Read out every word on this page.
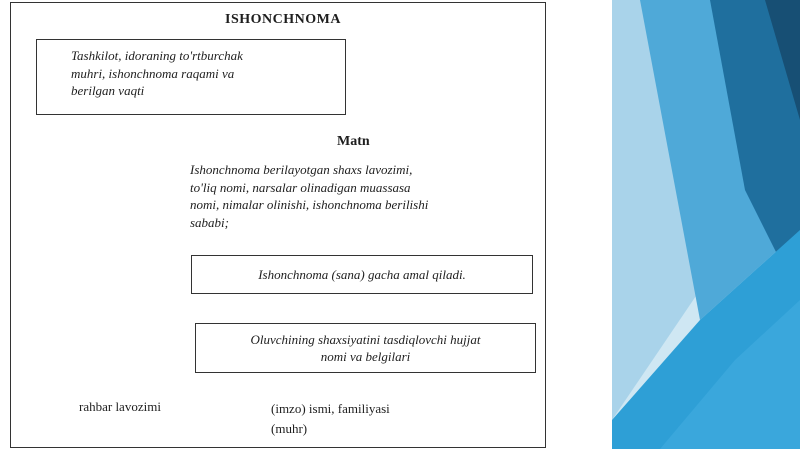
ISHONCHNOMA
Tashkilot, idoraning to'rtburchak
muhri, ishonchnoma raqami va
berilgan vaqti
Matn
Ishonchnoma berilayotgan shaxs lavozimi,
to'liq nomi, narsalar olinadigan muassasa
nomi, nimalar olinishi, ishonchnoma berilishi
sababi;
Ishonchnoma (sana) gacha amal qiladi.
Oluvchining shaxsiyatini tasdiqlovchi hujjat
nomi va belgilari
rahbar lavozimi	(imzo) ismi, familiyasi
(muhr)
